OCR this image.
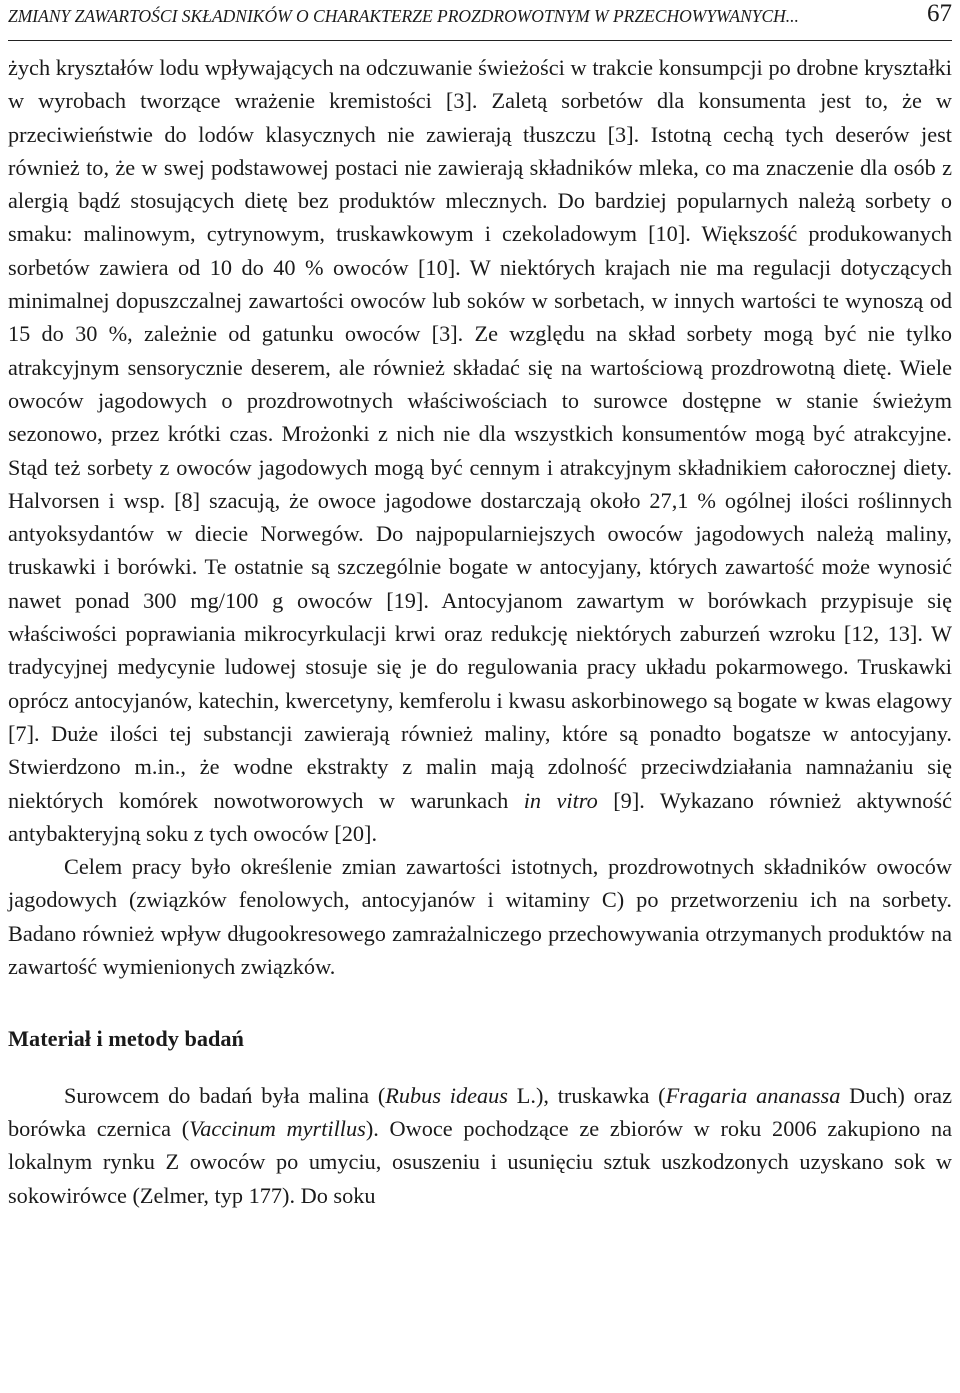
ZMIANY ZAWARTOŚCI SKŁADNIKÓW O CHARAKTERZE PROZDROWOTNYM W PRZECHOWYWANYCH...	67

żych kryształów lodu wpływających na odczuwanie świeżości w trakcie konsumpcji po drobne kryształki w wyrobach tworzące wrażenie kremistości [3]. Zaletą sorbetów dla konsumenta jest to, że w przeciwieństwie do lodów klasycznych nie zawierają tłuszczu [3]. Istotną cechą tych deserów jest również to, że w swej podstawowej postaci nie zawierają składników mleka, co ma znaczenie dla osób z alergią bądź stosujących dietę bez produktów mlecznych. Do bardziej popularnych należą sorbety o smaku: malinowym, cytrynowym, truskawkowym i czekoladowym [10]. Większość produkowanych sorbetów zawiera od 10 do 40 % owoców [10]. W niektórych krajach nie ma regulacji dotyczących minimalnej dopuszczalnej zawartości owoców lub soków w sorbetach, w innych wartości te wynoszą od 15 do 30 %, zależnie od gatunku owoców [3]. Ze względu na skład sorbety mogą być nie tylko atrakcyjnym sensorycznie deserem, ale również składać się na wartościową prozdrowotną dietę. Wiele owoców jagodowych o prozdrowotnych właściwościach to surowce dostępne w stanie świeżym sezonowo, przez krótki czas. Mrożonki z nich nie dla wszystkich konsumentów mogą być atrakcyjne. Stąd też sorbety z owoców jagodowych mogą być cennym i atrakcyjnym składnikiem całorocznej diety. Halvorsen i wsp. [8] szacują, że owoce jagodowe dostarczają około 27,1 % ogólnej ilości roślinnych antyoksydantów w diecie Norwegów. Do najpopularniejszych owoców jagodowych należą maliny, truskawki i borówki. Te ostatnie są szczególnie bogate w antocyjany, których zawartość może wynosić nawet ponad 300 mg/100 g owoców [19]. Antocyjanom zawartym w borówkach przypisuje się właściwości poprawiania mikrocyrkulacji krwi oraz redukcję niektórych zaburzeń wzroku [12, 13]. W tradycyjnej medycynie ludowej stosuje się je do regulowania pracy układu pokarmowego. Truskawki oprócz antocyjanów, katechin, kwercetyny, kemferolu i kwasu askorbinowego są bogate w kwas elagowy [7]. Duże ilości tej substancji zawierają również maliny, które są ponadto bogatsze w antocyjany. Stwierdzono m.in., że wodne ekstrakty z malin mają zdolność przeciwdziałania namnażaniu się niektórych komórek nowotworowych w warunkach in vitro [9]. Wykazano również aktywność antybakteryjną soku z tych owoców [20].

Celem pracy było określenie zmian zawartości istotnych, prozdrowotnych składników owoców jagodowych (związków fenolowych, antocyjanów i witaminy C) po przetworzeniu ich na sorbety. Badano również wpływ długookresowego zamrażalniczego przechowywania otrzymanych produktów na zawartość wymienionych związków.

Materiał i metody badań

Surowcem do badań była malina (Rubus ideaus L.), truskawka (Fragaria ananassa Duch) oraz borówka czernica (Vaccinum myrtillus). Owoce pochodzące ze zbiorów w roku 2006 zakupiono na lokalnym rynku Z owoców po umyciu, osuszeniu i usunięciu sztuk uszkodzonych uzyskano sok w sokowirówce (Zelmer, typ 177). Do soku
